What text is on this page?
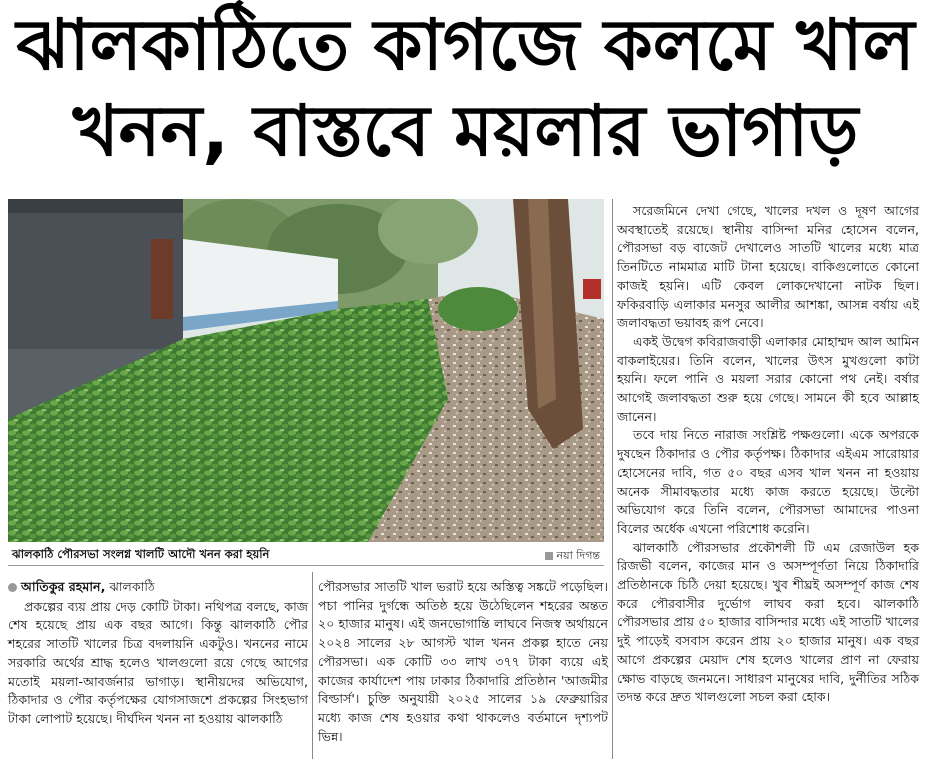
ঝালকাঠিতে কাগজে কলমে খাল
খনন, বাস্তবে ময়লার ভাগাড়
ঝালকাঠি পৌরসভা সংলগ্ন খালটি আদৌ খনন করা হয়নি	নয়া দিগন্ত

সরেজমিনে দেখা গেছে, খালের দখল ও দূষণ আগের অবস্থাতেই রয়েছে। স্থানীয় বাসিন্দা মনির হোসেন বলেন, পৌরসভা বড় বাজেট দেখালেও সাতটি খালের মধ্যে মাত্র তিনটিতে নামমাত্র মাটি টানা হয়েছে। বাকিগুলোতে কোনো কাজই হয়নি। এটি কেবল লোকদেখানো নাটক ছিল। ফকিরবাড়ি এলাকার মনসুর আলীর আশঙ্কা, আসন্ন বর্ষায় এই জলাবদ্ধতা ভয়াবহ রূপ নেবে।

একই উদ্বেগ কবিরাজবাড়ী এলাকার মোহাম্মদ আল আমিন বাকলাইয়ের। তিনি বলেন, খালের উৎস মুখগুলো কাটা হয়নি। ফলে পানি ও ময়লা সরার কোনো পথ নেই। বর্ষার আগেই জলাবদ্ধতা শুরু হয়ে গেছে। সামনে কী হবে আল্লাহ জানেন।

তবে দায় নিতে নারাজ সংশ্লিষ্ট পক্ষগুলো। একে অপরকে দুষছেন ঠিকাদার ও পৌর কর্তৃপক্ষ। ঠিকাদার এইএম সারোয়ার হোসেনের দাবি, গত ৫০ বছর এসব খাল খনন না হওয়ায় অনেক সীমাবদ্ধতার মধ্যে কাজ করতে হয়েছে। উল্টো অভিযোগ করে তিনি বলেন, পৌরসভা আমাদের পাওনা বিলের অর্ধেক এখনো পরিশোধ করেনি।

ঝালকাঠি পৌরসভার প্রকৌশলী টি এম রেজাউল হক রিজভী বলেন, কাজের মান ও অসম্পূর্ণতা নিয়ে ঠিকাদারি প্রতিষ্ঠানকে চিঠি দেয়া হয়েছে। খুব শীঘ্রই অসম্পূর্ণ কাজ শেষ করে পৌরবাসীর দুর্ভোগ লাঘব করা হবে। ঝালকাঠি পৌরসভার প্রায় ৫০ হাজার বাসিন্দার মধ্যে এই সাতটি খালের দুই পাড়েই বসবাস করেন প্রায় ২০ হাজার মানুষ। এক বছর আগে প্রকল্পের মেয়াদ শেষ হলেও খালের প্রাণ না ফেরায় ক্ষোভ বাড়ছে জনমনে। সাধারণ মানুষের দাবি, দুর্নীতির সঠিক তদন্ত করে দ্রুত খালগুলো সচল করা হোক।

আতিকুর রহমান, ঝালকাঠি

প্রকল্পের ব্যয় প্রায় দেড় কোটি টাকা। নথিপত্র বলছে, কাজ শেষ হয়েছে প্রায় এক বছর আগে। কিন্তু ঝালকাঠি পৌর শহরের সাতটি খালের চিত্র বদলায়নি একটুও। খননের নামে সরকারি অর্থের শ্রাদ্ধ হলেও খালগুলো রয়ে গেছে আগের মতোই ময়লা-আবর্জনার ভাগাড়। স্থানীয়দের অভিযোগ, ঠিকাদার ও পৌর কর্তৃপক্ষের যোগসাজশে প্রকল্পের সিংহভাগ টাকা লোপাট হয়েছে। দীর্ঘদিন খনন না হওয়ায় ঝালকাঠি

পৌরসভার সাতটি খাল ভরাট হয়ে অস্তিত্ব সঙ্কটে পড়েছিল। পচা পানির দুর্গন্ধে অতিষ্ঠ হয়ে উঠেছিলেন শহরের অন্তত ২০ হাজার মানুষ। এই জনভোগান্তি লাঘবে নিজস্ব অর্থায়নে ২০২৪ সালের ২৮ আগস্ট খাল খনন প্রকল্প হাতে নেয় পৌরসভা। এক কোটি ৩৩ লাখ ৩৭৭ টাকা ব্যয়ে এই কাজের কার্যাদেশ পায় ঢাকার ঠিকাদারি প্রতিষ্ঠান 'আজমীর বিল্ডার্স'। চুক্তি অনুযায়ী ২০২৫ সালের ১৯ ফেব্রুয়ারির মধ্যে কাজ শেষ হওয়ার কথা থাকলেও বর্তমানে দৃশ্যপট ভিন্ন।
